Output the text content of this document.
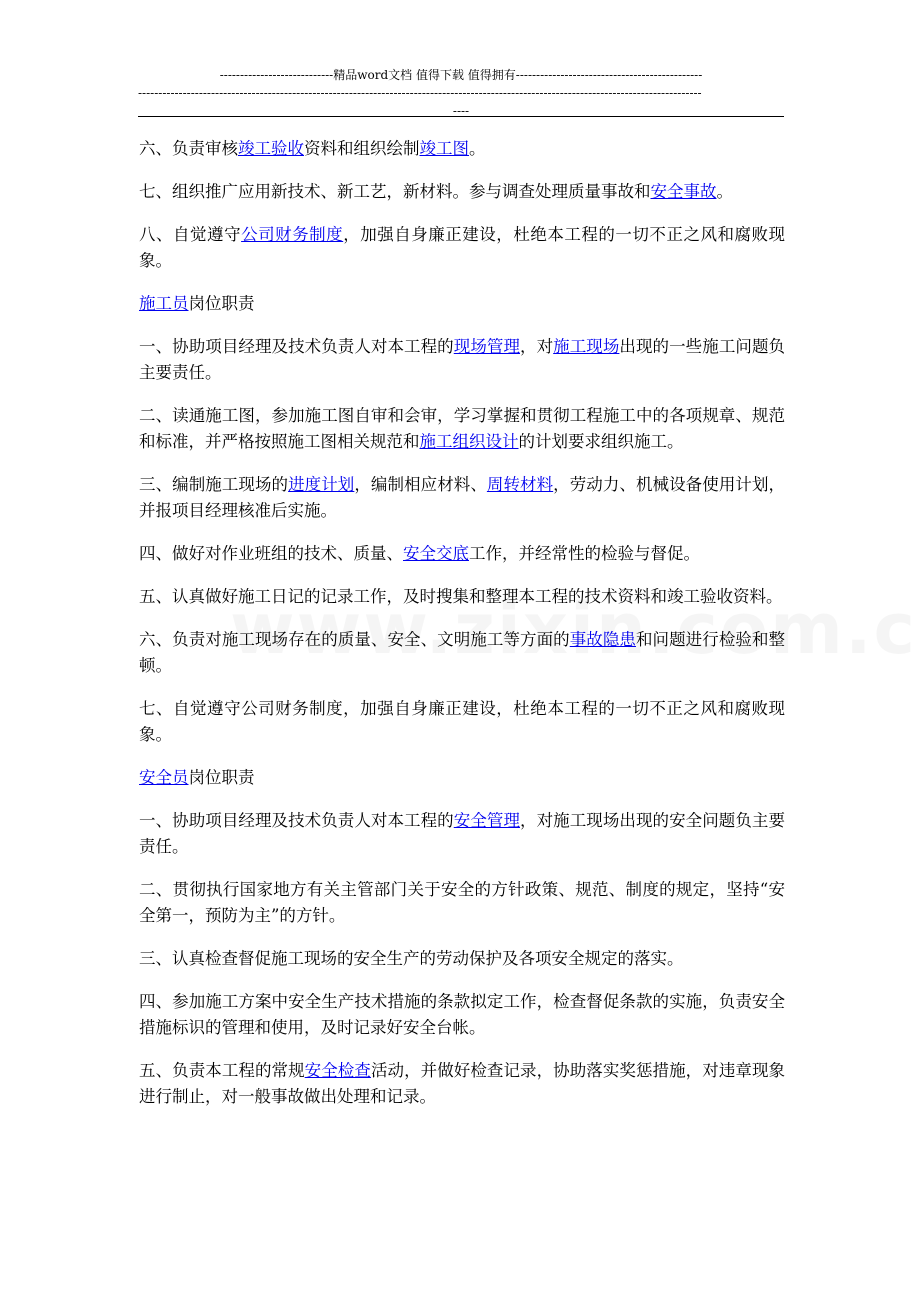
----------------------------精品word文档 值得下载 值得拥有----------------------------------------------
-------------------------------------------------------------------------------------------------------------------------------------------
----

六、负责审核竣工验收资料和组织绘制竣工图。

七、组织推广应用新技术、新工艺，新材料。参与调查处理质量事故和安全事故。

八、自觉遵守公司财务制度，加强自身廉正建设，杜绝本工程的一切不正之风和腐败现象。

施工员岗位职责

一、协助项目经理及技术负责人对本工程的现场管理，对施工现场出现的一些施工问题负主要责任。

二、读通施工图，参加施工图自审和会审，学习掌握和贯彻工程施工中的各项规章、规范和标准，并严格按照施工图相关规范和施工组织设计的计划要求组织施工。

三、编制施工现场的进度计划，编制相应材料、周转材料，劳动力、机械设备使用计划，并报项目经理核准后实施。

四、做好对作业班组的技术、质量、安全交底工作，并经常性的检验与督促。

五、认真做好施工日记的记录工作，及时搜集和整理本工程的技术资料和竣工验收资料。

六、负责对施工现场存在的质量、安全、文明施工等方面的事故隐患和问题进行检验和整顿。

七、自觉遵守公司财务制度，加强自身廉正建设，杜绝本工程的一切不正之风和腐败现象。

安全员岗位职责

一、协助项目经理及技术负责人对本工程的安全管理，对施工现场出现的安全问题负主要责任。

二、贯彻执行国家地方有关主管部门关于安全的方针政策、规范、制度的规定，坚持“安全第一，预防为主”的方针。

三、认真检查督促施工现场的安全生产的劳动保护及各项安全规定的落实。

四、参加施工方案中安全生产技术措施的条款拟定工作，检查督促条款的实施，负责安全措施标识的管理和使用，及时记录好安全台帐。

五、负责本工程的常规安全检查活动，并做好检查记录，协助落实奖惩措施，对违章现象进行制止，对一般事故做出处理和记录。
